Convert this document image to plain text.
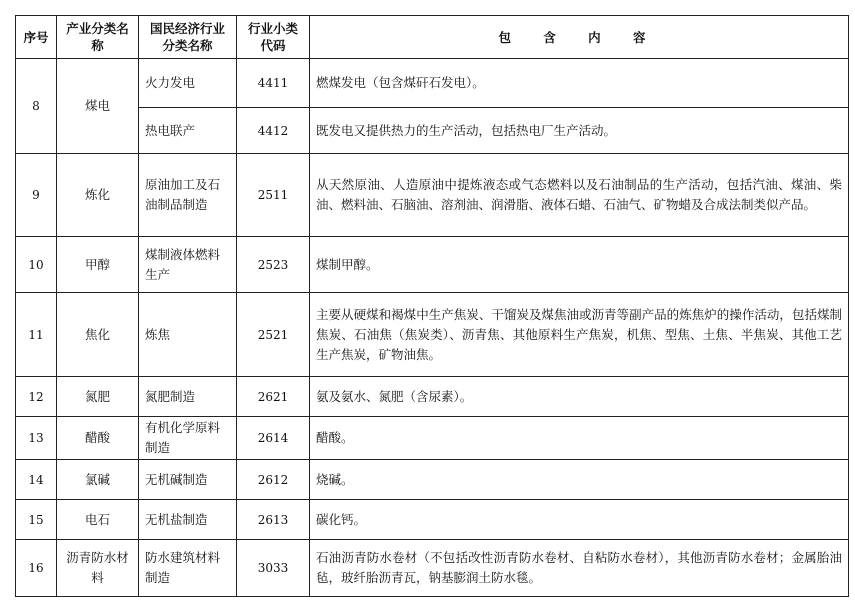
序号	产业分类名称	国民经济行业分类名称	行业小类代码	包 含 内 容
8	煤电	火力发电	4411	燃煤发电（包含煤矸石发电）。
		热电联产	4412	既发电又提供热力的生产活动，包括热电厂生产活动。
9	炼化	原油加工及石油制品制造	2511	从天然原油、人造原油中提炼液态或气态燃料以及石油制品的生产活动，包括汽油、煤油、柴油、燃料油、石脑油、溶剂油、润滑脂、液体石蜡、石油气、矿物蜡及合成法制类似产品。
10	甲醇	煤制液体燃料生产	2523	煤制甲醇。
11	焦化	炼焦	2521	主要从硬煤和褐煤中生产焦炭、干馏炭及煤焦油或沥青等副产品的炼焦炉的操作活动，包括煤制焦炭、石油焦（焦炭类）、沥青焦、其他原料生产焦炭，机焦、型焦、土焦、半焦炭、其他工艺生产焦炭，矿物油焦。
12	氮肥	氮肥制造	2621	氨及氨水、氮肥（含尿素）。
13	醋酸	有机化学原料制造	2614	醋酸。
14	氯碱	无机碱制造	2612	烧碱。
15	电石	无机盐制造	2613	碳化钙。
16	沥青防水材料	防水建筑材料制造	3033	石油沥青防水卷材（不包括改性沥青防水卷材、自粘防水卷材），其他沥青防水卷材；金属胎油毡，玻纤胎沥青瓦，钠基膨润土防水毯。
